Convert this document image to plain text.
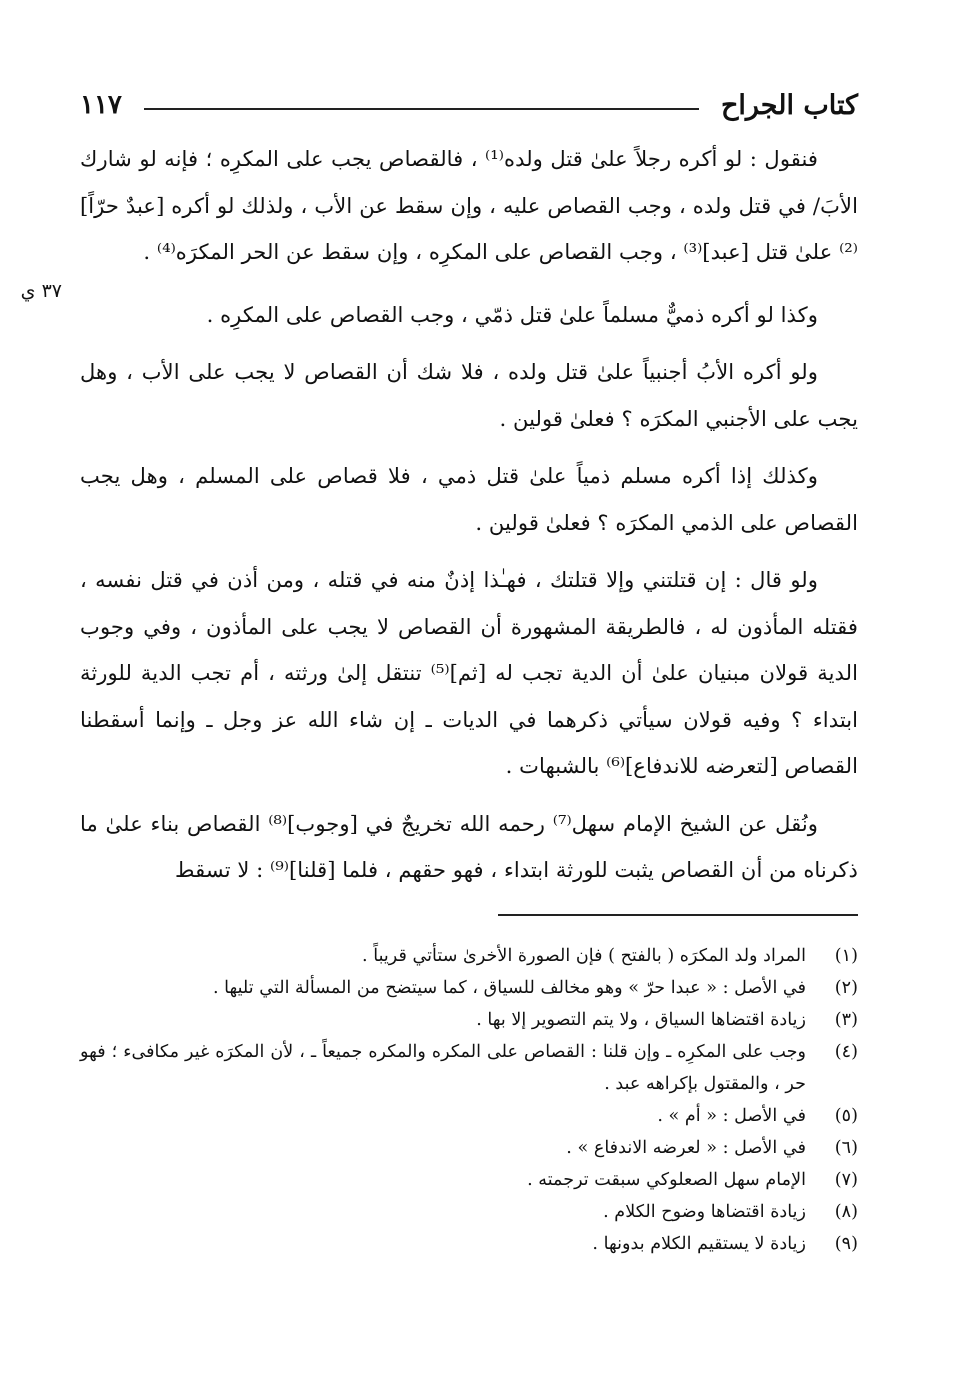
كتاب الجراح
١١٧
٣٧ ي

فنقول : لو أكره رجلاً علىٰ قتل ولده⁽¹⁾ ، فالقصاص يجب على المكرِه ؛ فإنه لو شارك الأبَ/ في قتل ولده ، وجب القصاص عليه ، وإن سقط عن الأب ، ولذلك لو أكره [عبدٌ حرّاً]⁽²⁾ علىٰ قتل [عبد]⁽³⁾ ، وجب القصاص على المكرِه ، وإن سقط عن الحر المكرَه⁽⁴⁾ .

وكذا لو أكره ذميٌّ مسلماً علىٰ قتل ذمّي ، وجب القصاص على المكرِه .

ولو أكره الأبُ أجنبياً علىٰ قتل ولده ، فلا شك أن القصاص لا يجب على الأب ، وهل يجب على الأجنبي المكرَه ؟ فعلىٰ قولين .

وكذلك إذا أكره مسلم ذمياً علىٰ قتل ذمي ، فلا قصاص على المسلم ، وهل يجب القصاص على الذمي المكرَه ؟ فعلىٰ قولين .

ولو قال : إن قتلتني وإلا قتلتك ، فهـٰذا إذنٌ منه في قتله ، ومن أذن في قتل نفسه ، فقتله المأذون له ، فالطريقة المشهورة أن القصاص لا يجب على المأذون ، وفي وجوب الدية قولان مبنيان علىٰ أن الدية تجب له [ثم]⁽⁵⁾ تنتقل إلىٰ ورثته ، أم تجب الدية للورثة ابتداء ؟ وفيه قولان سيأتي ذكرهما في الديات ـ إن شاء الله عز وجل ـ وإنما أسقطنا القصاص [لتعرضه للاندفاع]⁽⁶⁾ بالشبهات .

ونُقل عن الشيخ الإمام سهل⁽⁷⁾ رحمه الله تخريجٌ في [وجوب]⁽⁸⁾ القصاص بناء علىٰ ما ذكرناه من أن القصاص يثبت للورثة ابتداء ، فهو حقهم ، فلما [قلنا]⁽⁹⁾ : لا تسقط

(١)
المراد ولد المكرَه ( بالفتح ) فإن الصورة الأخرىٰ ستأتي قريباً .
(٢)
في الأصل : « عبدا حرّ » وهو مخالف للسياق ، كما سيتضح من المسألة التي تليها .
(٣)
زيادة اقتضاها السياق ، ولا يتم التصوير إلا بها .
(٤)
وجب على المكرِه ـ وإن قلنا : القصاص على المكره والمكره جميعاً ـ ، لأن المكرَه غير مكافىء ؛ فهو حر ، والمقتول بإكراهه عبد .
(٥)
في الأصل : « أم » .
(٦)
في الأصل : « لعرضه الاندفاع » .
(٧)
الإمام سهل الصعلوكي سبقت ترجمته .
(٨)
زيادة اقتضاها وضوح الكلام .
(٩)
زيادة لا يستقيم الكلام بدونها .
